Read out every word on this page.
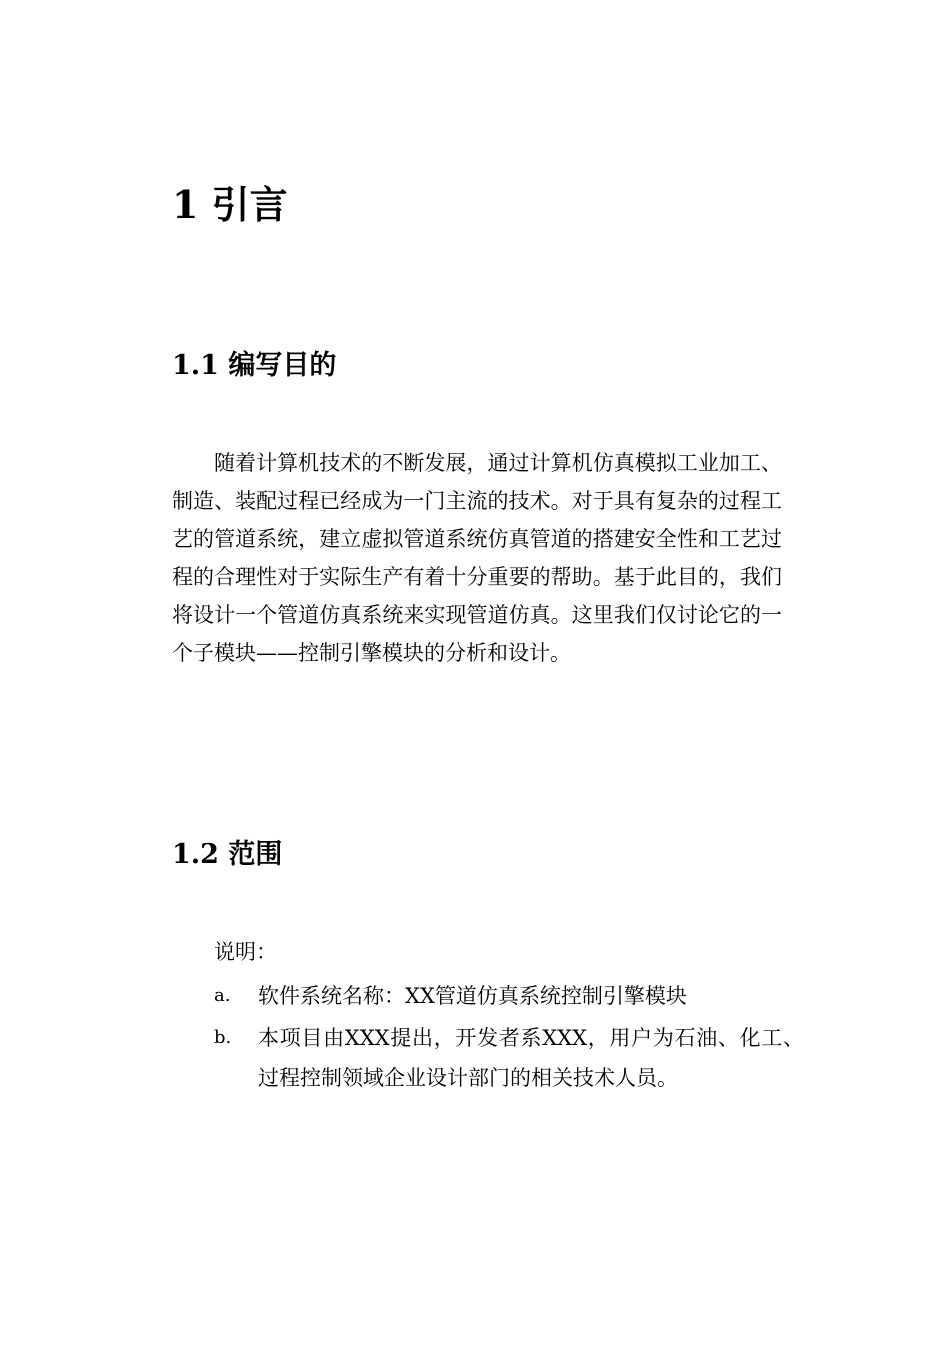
1 引言
1.1 编写目的

随着计算机技术的不断发展，通过计算机仿真模拟工业加工、制造、装配过程已经成为一门主流的技术。对于具有复杂的过程工艺的管道系统，建立虚拟管道系统仿真管道的搭建安全性和工艺过程的合理性对于实际生产有着十分重要的帮助。基于此目的，我们将设计一个管道仿真系统来实现管道仿真。这里我们仅讨论它的一个子模块——控制引擎模块的分析和设计。

1.2 范围
说明：
a.	软件系统名称：XX管道仿真系统控制引擎模块
b.	本项目由XXX提出，开发者系XXX，用户为石油、化工、过程控制领域企业设计部门的相关技术人员。
